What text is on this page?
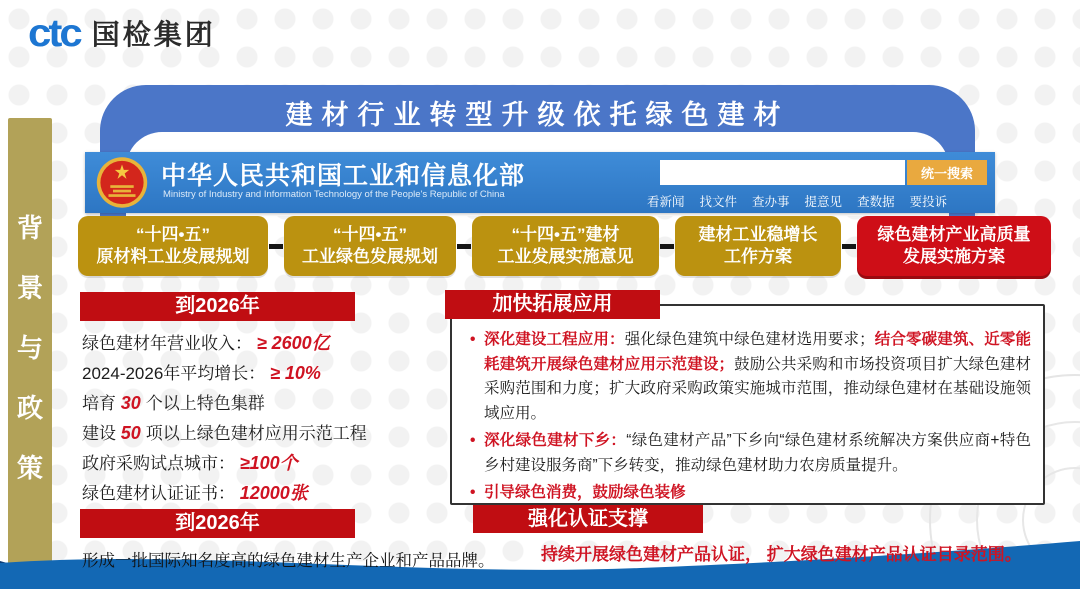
ctc 国检集团
背
景
与
政
策
建材行业转型升级依托绿色建材
中华人民共和国工业和信息化部
Ministry of Industry and Information Technology of the People's Republic of China
统一搜索
看新闻 找文件 查办事 提意见 查数据 要投诉
“十四•五”
原材料工业发展规划
“十四•五”
工业绿色发展规划
“十四•五”建材
工业发展实施意见
建材工业稳增长
工作方案
绿色建材产业高质量
发展实施方案
到2026年
绿色建材年营业收入： ≥ 2600亿
2024-2026年平均增长： ≥ 10%
培育 30 个以上特色集群
建设 50 项以上绿色建材应用示范工程
政府采购试点城市： ≥100个
绿色建材认证证书： 12000张
到2026年
形成一批国际知名度高的绿色建材生产企业和产品品牌。
加快拓展应用
• 深化建设工程应用：强化绿色建筑中绿色建材选用要求；结合零碳建筑、近零能耗建筑开展绿色建材应用示范建设；鼓励公共采购和市场投资项目扩大绿色建材采购范围和力度；扩大政府采购政策实施城市范围，推动绿色建材在基础设施领域应用。
• 深化绿色建材下乡：“绿色建材产品”下乡向“绿色建材系统解决方案供应商+特色乡村建设服务商”下乡转变，推动绿色建材助力农房质量提升。
• 引导绿色消费，鼓励绿色装修
强化认证支撑
持续开展绿色建材产品认证， 扩大绿色建材产品认证目录范围。
